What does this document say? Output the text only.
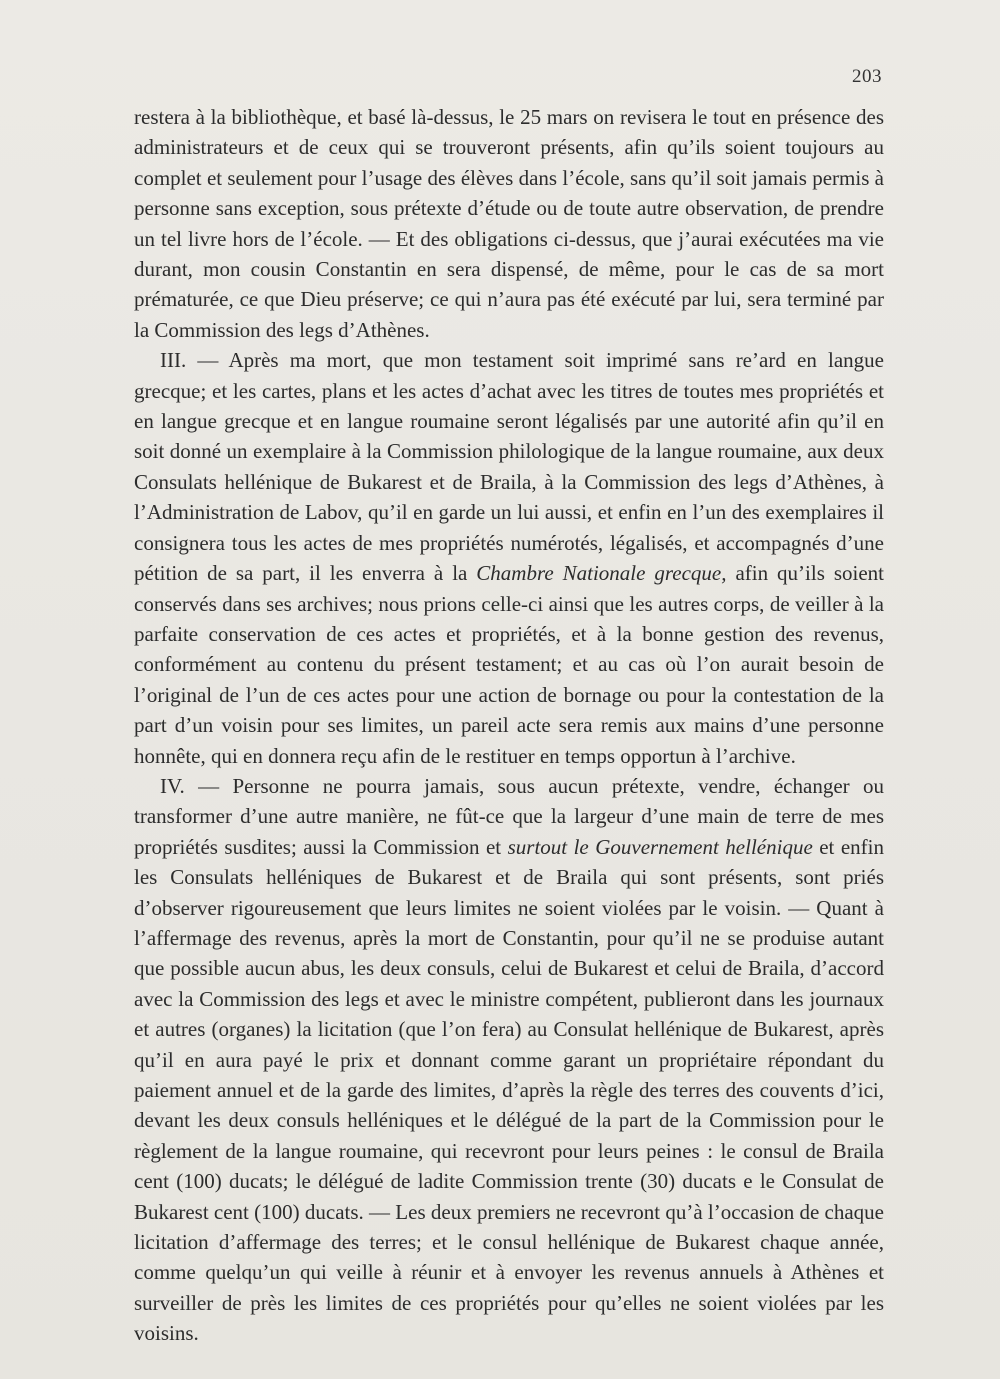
203

restera à la bibliothèque, et basé là-dessus, le 25 mars on revisera le tout en présence des administrateurs et de ceux qui se trouveront présents, afin qu’ils soient toujours au complet et seulement pour l’usage des élèves dans l’école, sans qu’il soit jamais permis à personne sans exception, sous prétexte d’étude ou de toute autre observation, de prendre un tel livre hors de l’école. — Et des obligations ci-dessus, que j’aurai exécutées ma vie durant, mon cousin Constantin en sera dispensé, de même, pour le cas de sa mort prématurée, ce que Dieu préserve; ce qui n’aura pas été exécuté par lui, sera terminé par la Commission des legs d’Athènes.

III. — Après ma mort, que mon testament soit imprimé sans re’ard en langue grecque; et les cartes, plans et les actes d’achat avec les titres de toutes mes propriétés et en langue grecque et en langue roumaine seront légalisés par une autorité afin qu’il en soit donné un exemplaire à la Commission philologique de la langue roumaine, aux deux Consulats hellénique de Bukarest et de Braila, à la Commission des legs d’Athènes, à l’Administration de Labov, qu’il en garde un lui aussi, et enfin en l’un des exemplaires il consignera tous les actes de mes propriétés numérotés, légalisés, et accompagnés d’une pétition de sa part, il les enverra à la Chambre Nationale grecque, afin qu’ils soient conservés dans ses archives; nous prions celle-ci ainsi que les autres corps, de veiller à la parfaite conservation de ces actes et propriétés, et à la bonne gestion des revenus, conformément au contenu du présent testament; et au cas où l’on aurait besoin de l’original de l’un de ces actes pour une action de bornage ou pour la contestation de la part d’un voisin pour ses limites, un pareil acte sera remis aux mains d’une personne honnête, qui en donnera reçu afin de le restituer en temps opportun à l’archive.

IV. — Personne ne pourra jamais, sous aucun prétexte, vendre, échanger ou transformer d’une autre manière, ne fût-ce que la largeur d’une main de terre de mes propriétés susdites; aussi la Commission et surtout le Gouvernement hellénique et enfin les Consulats helléniques de Bukarest et de Braila qui sont présents, sont priés d’observer rigoureusement que leurs limites ne soient violées par le voisin. — Quant à l’affermage des revenus, après la mort de Constantin, pour qu’il ne se produise autant que possible aucun abus, les deux consuls, celui de Bukarest et celui de Braila, d’accord avec la Commission des legs et avec le ministre compétent, publieront dans les journaux et autres (organes) la licitation (que l’on fera) au Consulat hellénique de Bukarest, après qu’il en aura payé le prix et donnant comme garant un propriétaire répondant du paiement annuel et de la garde des limites, d’après la règle des terres des couvents d’ici, devant les deux consuls helléniques et le délégué de la part de la Commission pour le règlement de la langue roumaine, qui recevront pour leurs peines : le consul de Braila cent (100) ducats; le délégué de ladite Commission trente (30) ducats e le Consulat de Bukarest cent (100) ducats. — Les deux premiers ne recevront qu’à l’occasion de chaque licitation d’affermage des terres; et le consul hellénique de Bukarest chaque année, comme quelqu’un qui veille à réunir et à envoyer les revenus annuels à Athènes et surveiller de près les limites de ces propriétés pour qu’elles ne soient violées par les voisins.
